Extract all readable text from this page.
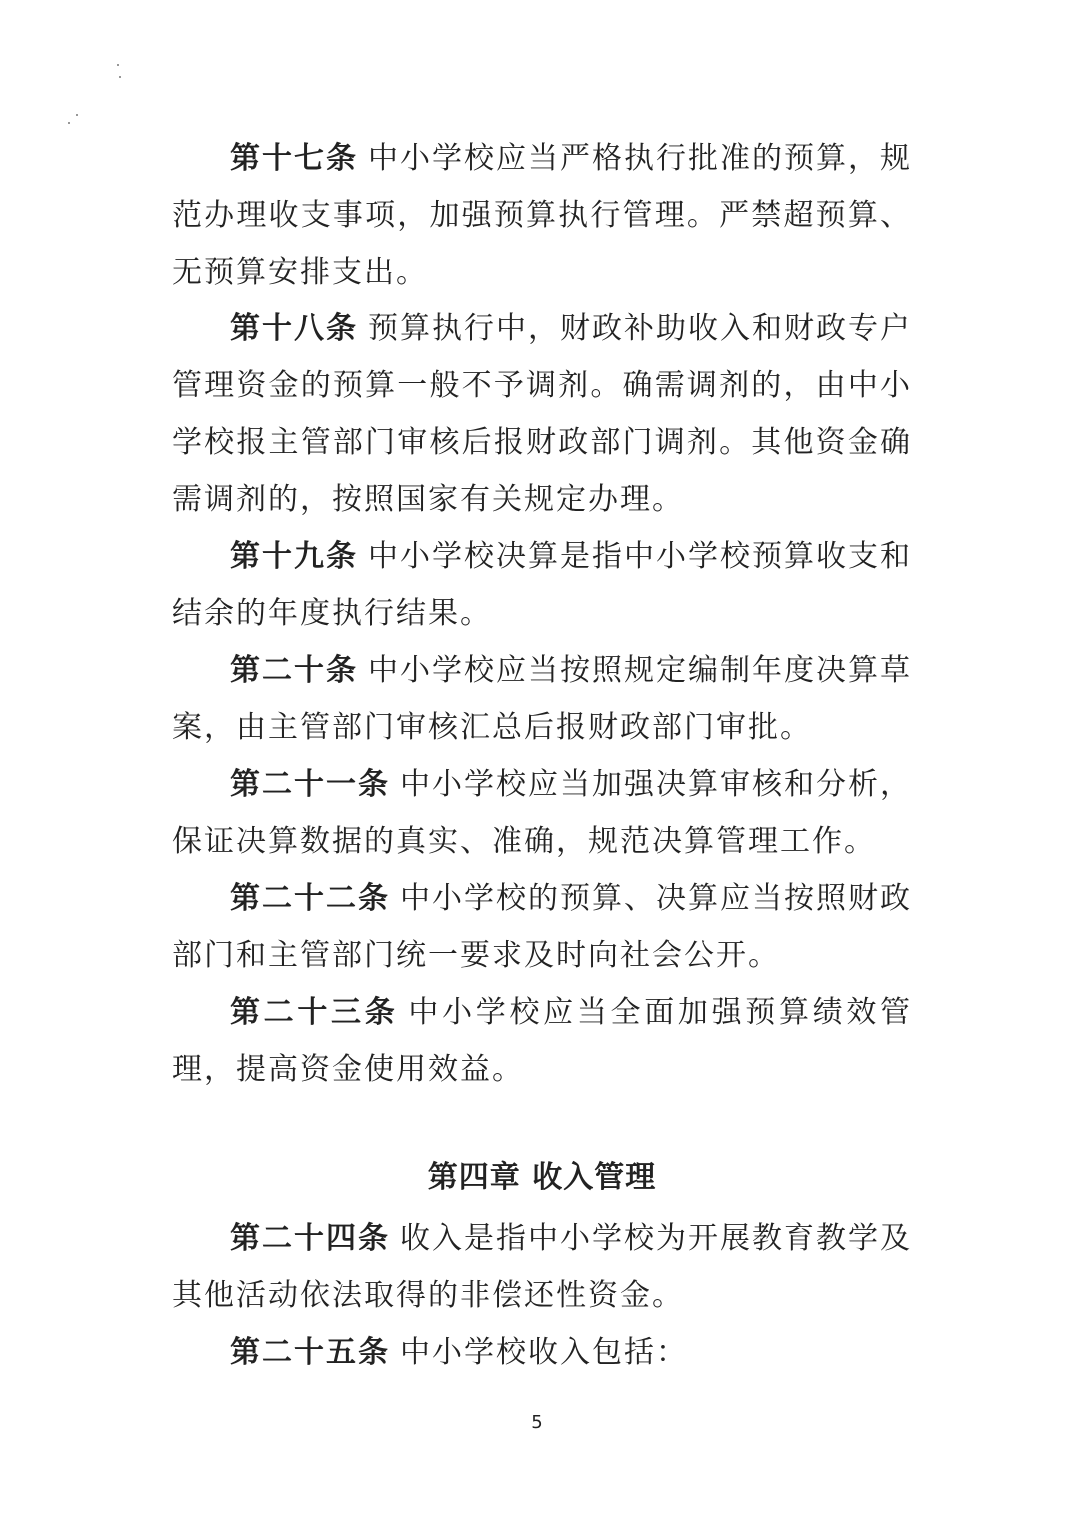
第十七条 中小学校应当严格执行批准的预算，规范办理收支事项，加强预算执行管理。严禁超预算、无预算安排支出。

第十八条 预算执行中，财政补助收入和财政专户管理资金的预算一般不予调剂。确需调剂的，由中小学校报主管部门审核后报财政部门调剂。其他资金确需调剂的，按照国家有关规定办理。

第十九条 中小学校决算是指中小学校预算收支和结余的年度执行结果。

第二十条 中小学校应当按照规定编制年度决算草案，由主管部门审核汇总后报财政部门审批。

第二十一条 中小学校应当加强决算审核和分析，保证决算数据的真实、准确，规范决算管理工作。

第二十二条 中小学校的预算、决算应当按照财政部门和主管部门统一要求及时向社会公开。

第二十三条 中小学校应当全面加强预算绩效管理，提高资金使用效益。

第四章 收入管理

第二十四条 收入是指中小学校为开展教育教学及其他活动依法取得的非偿还性资金。

第二十五条 中小学校收入包括：

5
